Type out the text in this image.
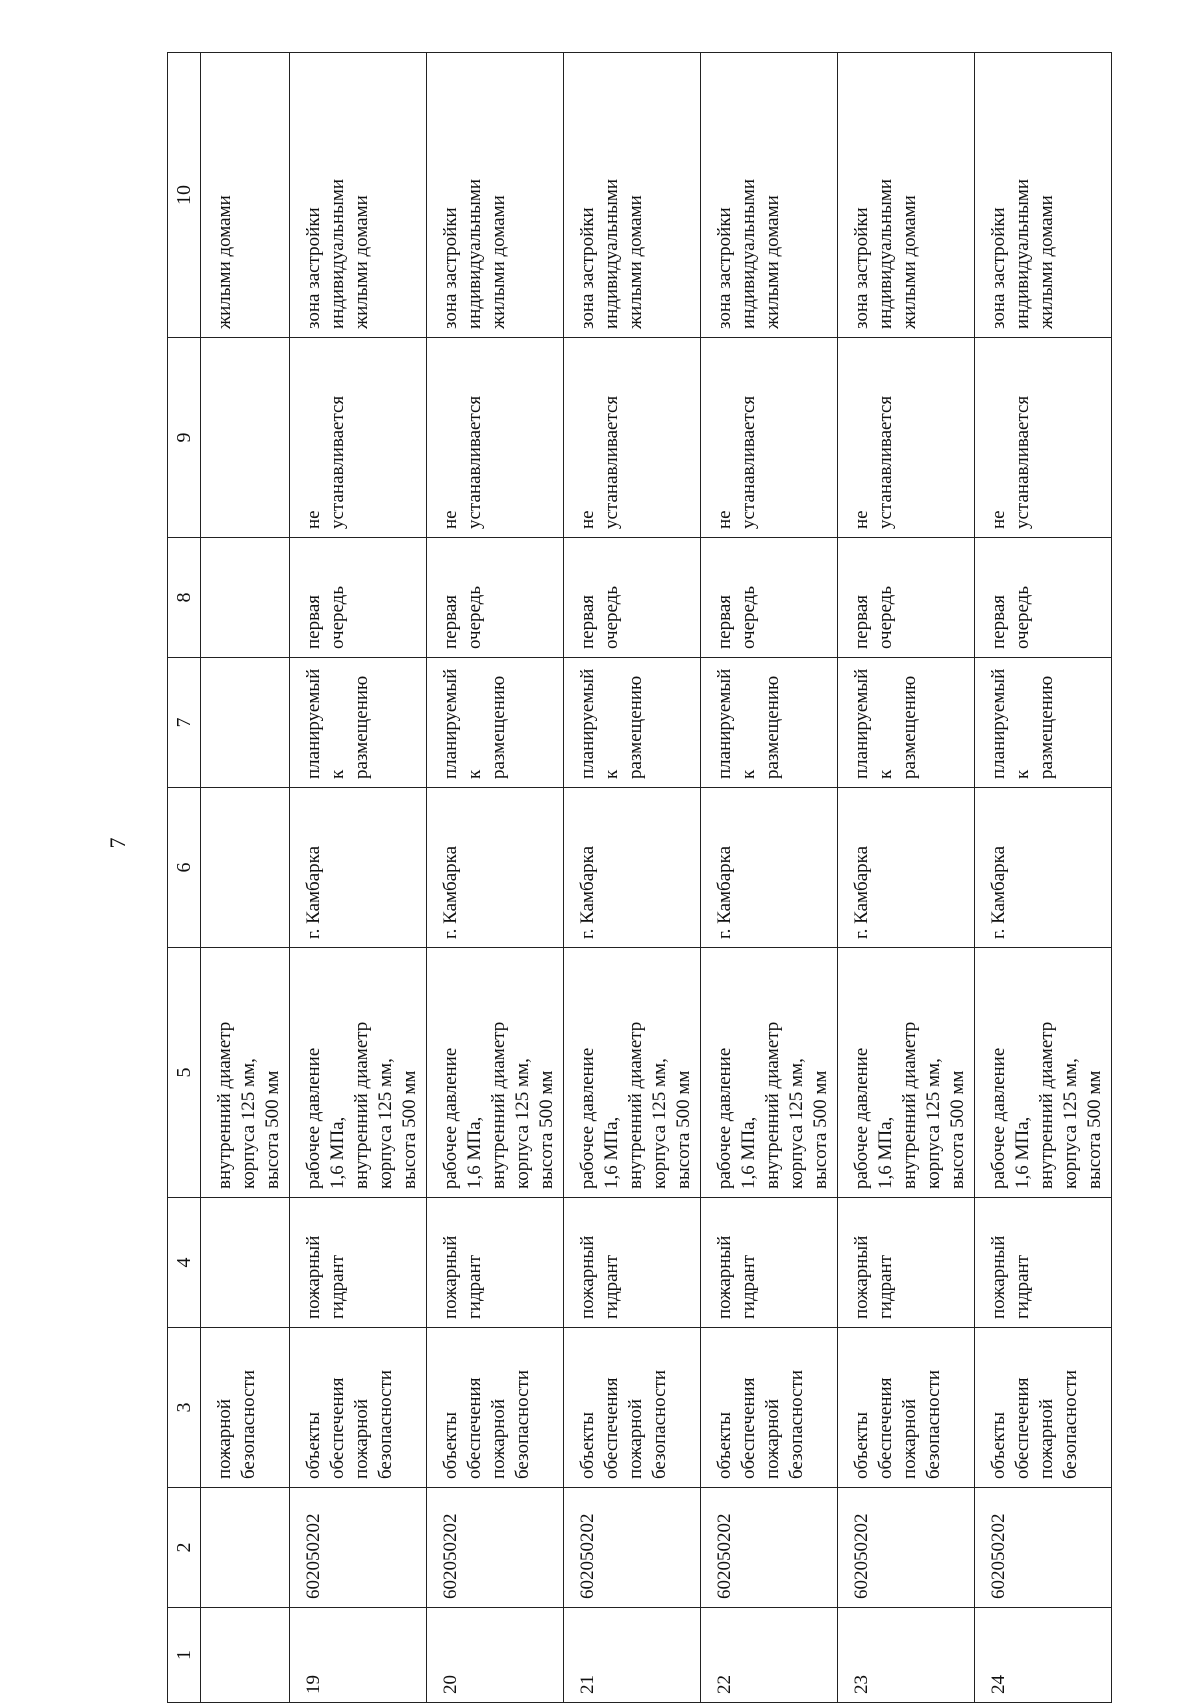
7
1	2	3	4	5	6	7	8	9	10
		пожарной
безопасности		внутренний диаметр
корпуса 125 мм,
высота 500 мм					жилыми домами
19	602050202	объекты
обеспечения
пожарной
безопасности	пожарный
гидрант	рабочее давление
1,6 МПа,
внутренний диаметр
корпуса 125 мм,
высота 500 мм	г. Камбарка	планируемый к
размещению	первая
очередь	не
устанавливается	зона застройки
индивидуальными
жилыми домами
20	602050202	объекты
обеспечения
пожарной
безопасности	пожарный
гидрант	рабочее давление
1,6 МПа,
внутренний диаметр
корпуса 125 мм,
высота 500 мм	г. Камбарка	планируемый к
размещению	первая
очередь	не
устанавливается	зона застройки
индивидуальными
жилыми домами
21	602050202	объекты
обеспечения
пожарной
безопасности	пожарный
гидрант	рабочее давление
1,6 МПа,
внутренний диаметр
корпуса 125 мм,
высота 500 мм	г. Камбарка	планируемый к
размещению	первая
очередь	не
устанавливается	зона застройки
индивидуальными
жилыми домами
22	602050202	объекты
обеспечения
пожарной
безопасности	пожарный
гидрант	рабочее давление
1,6 МПа,
внутренний диаметр
корпуса 125 мм,
высота 500 мм	г. Камбарка	планируемый к
размещению	первая
очередь	не
устанавливается	зона застройки
индивидуальными
жилыми домами
23	602050202	объекты
обеспечения
пожарной
безопасности	пожарный
гидрант	рабочее давление
1,6 МПа,
внутренний диаметр
корпуса 125 мм,
высота 500 мм	г. Камбарка	планируемый к
размещению	первая
очередь	не
устанавливается	зона застройки
индивидуальными
жилыми домами
24	602050202	объекты
обеспечения
пожарной
безопасности	пожарный
гидрант	рабочее давление
1,6 МПа,
внутренний диаметр
корпуса 125 мм,
высота 500 мм	г. Камбарка	планируемый к
размещению	первая
очередь	не
устанавливается	зона застройки
индивидуальными
жилыми домами
